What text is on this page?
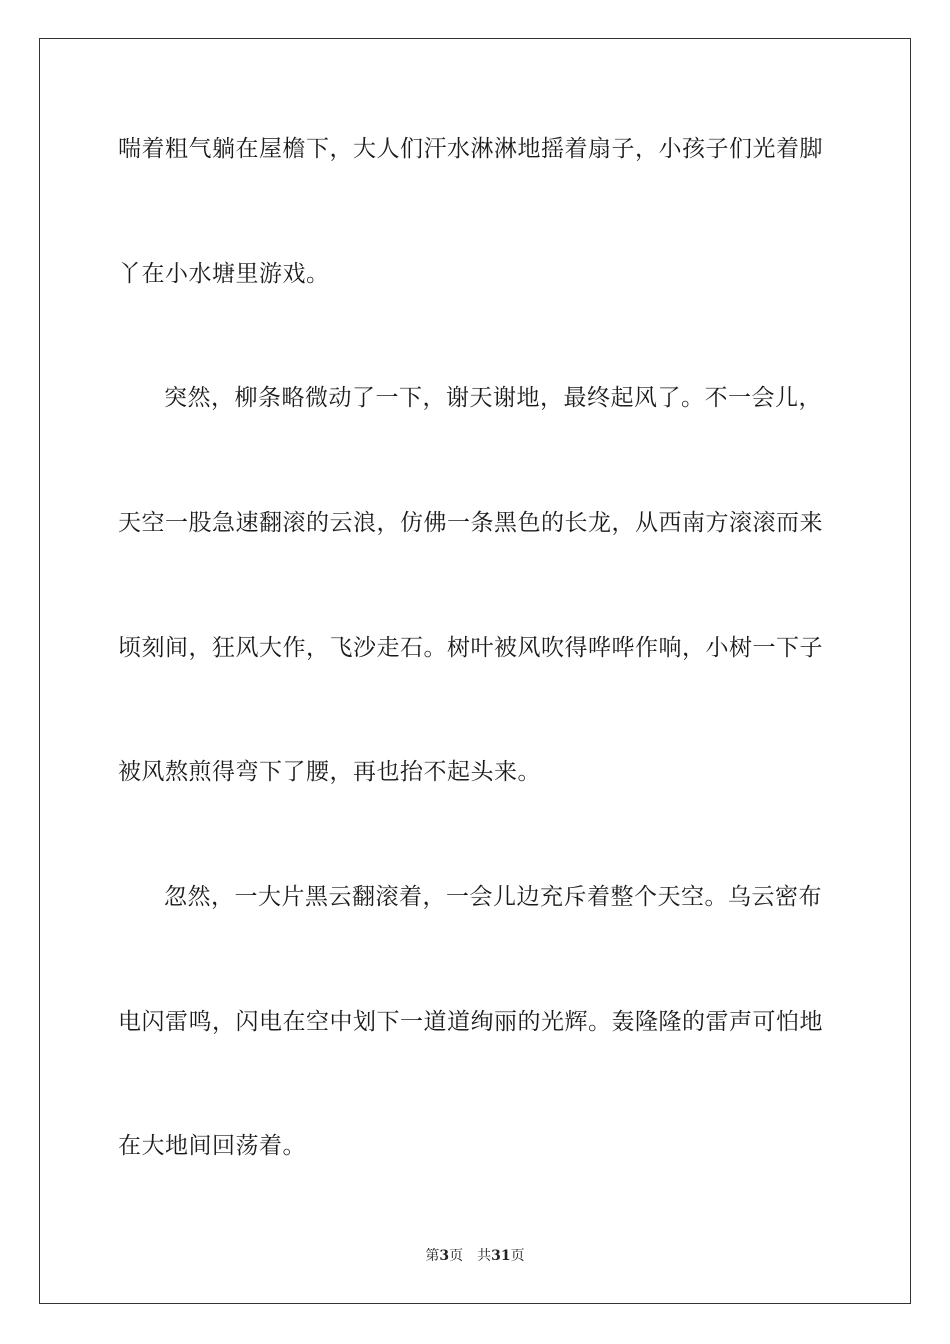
喘着粗气躺在屋檐下，大人们汗水淋淋地摇着扇子，小孩子们光着脚
丫在小水塘里游戏。
突然，柳条略微动了一下，谢天谢地，最终起风了。不一会儿，
天空一股急速翻滚的云浪，仿佛一条黑色的长龙，从西南方滚滚而来
顷刻间，狂风大作，飞沙走石。树叶被风吹得哗哗作响，小树一下子
被风熬煎得弯下了腰，再也抬不起头来。
忽然，一大片黑云翻滚着，一会儿边充斥着整个天空。乌云密布
电闪雷鸣，闪电在空中划下一道道绚丽的光辉。轰隆隆的雷声可怕地
在大地间回荡着。
第3页 共31页
